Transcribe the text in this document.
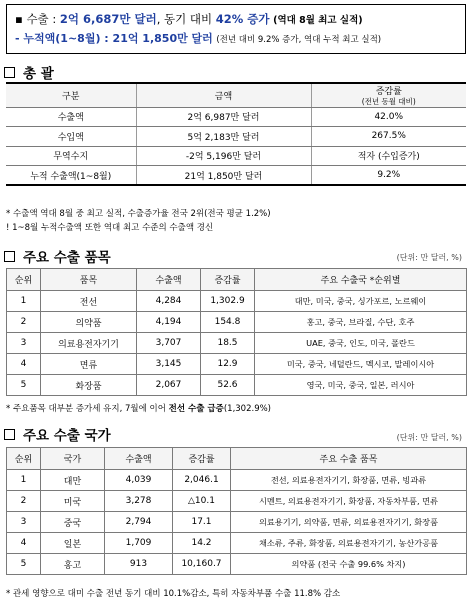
▪ 수출 : 2억 6,687만 달러, 동기 대비 42% 증가 (역대 8월 최고 실적)
- 누적액(1~8월) : 21억 1,850만 달러 (전년 대비 9.2% 증가, 역대 누적 최고 실적)
총 괄
구분	금액	증감률
(전년 동월 대비)

수출액	2억 6,987만 달러	42.0%
수입액	5억 2,183만 달러	267.5%
무역수지	-2억 5,196만 달러	적자 (수입증가)
누적 수출액(1~8월)	21억 1,850만 달러	9.2%
* 수출액 역대 8월 중 최고 실적, 수출증가율 전국 2위(전국 평균 1.2%)
! 1~8월 누적수출액 또한 역대 최고 수준의 수출액 경신
주요 수출 품목	(단위: 만 달러, %)
순위	품목	수출액	증감률	주요 수출국 *순위별
1	전선	4,284	1,302.9	대만, 미국, 중국, 싱가포르, 노르웨이
2	의약품	4,194	154.8	홍고, 중국, 브라질, 수단, 호주
3	의료용전자기기	3,707	18.5	UAE, 중국, 인도, 미국, 폴란드
4	면류	3,145	12.9	미국, 중국, 네덜란드, 멕시코, 말레이시아
5	화장품	2,067	52.6	영국, 미국, 중국, 일본, 러시아
* 주요품목 대부분 증가세 유지, 7월에 이어 전선 수출 급증(1,302.9%)
주요 수출 국가	(단위: 만 달러, %)
순위	국가	수출액	증감률	주요 수출 품목
1	대만	4,039	2,046.1	전선, 의료용전자기기, 화장품, 면류, 빙과류
2	미국	3,278	△10.1	시멘트, 의료용전자기기, 화장품, 자동차부품, 면류
3	중국	2,794	17.1	의료용기기, 의약품, 면류, 의료용전자기기, 화장품
4	일본	1,709	14.2	채소류, 주류, 화장품, 의료용전자기기, 농산가공품
5	홍고	913	10,160.7	의약품 (전국 수출 99.6% 차지)
* 관세 영향으로 대미 수출 전년 동기 대비 10.1%감소, 특히 자동차부품 수출 11.8% 감소
